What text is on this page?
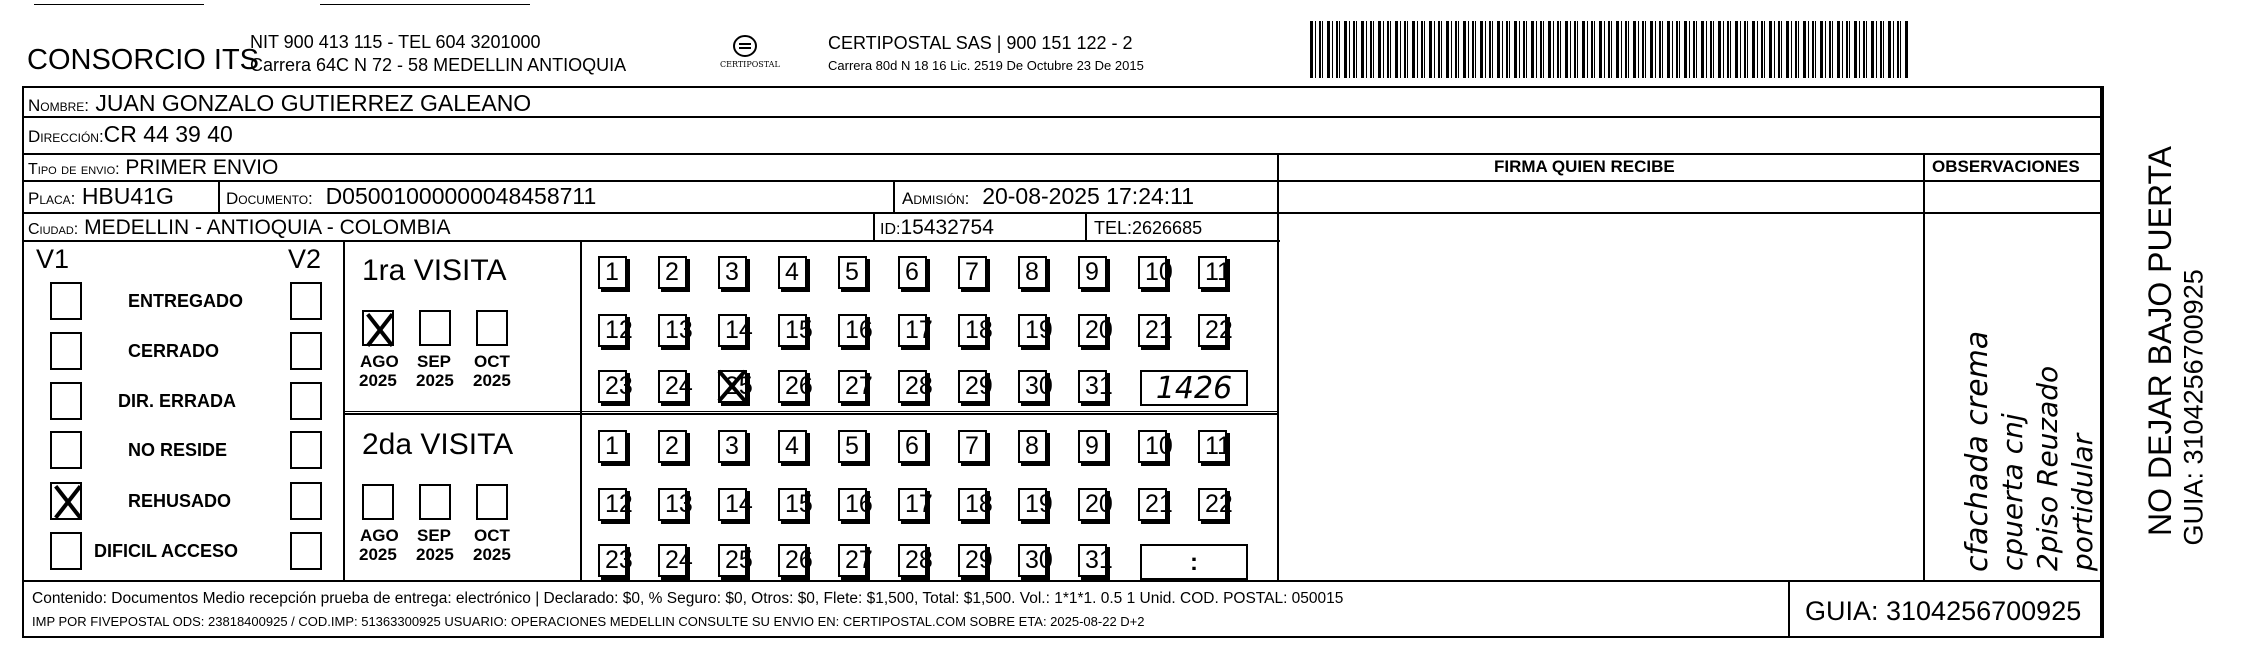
CONSORCIO ITS
NIT 900 413 115 - TEL 604 3201000
Carrera 64C N 72 - 58 MEDELLIN ANTIOQUIA	CERTIPOSTAL
CERTIPOSTAL SAS | 900 151 122 - 2
Carrera 80d N 18 16 Lic. 2519 De Octubre 23 De 2015
Nombre: JUAN GONZALO GUTIERREZ GALEANO
Dirección:CR 44 39 40
Tipo de envio: PRIMER ENVIO	FIRMA QUIEN RECIBE	OBSERVACIONES
Placa: HBU41G	Documento: D05001000000048458711	Admisión: 20-08-2025 17:24:11
Ciudad: MEDELLIN - ANTIOQUIA - COLOMBIA	ID:15432754	TEL:2626685
V1	V2
ENTREGADO
CERRADO
DIR. ERRADA
NO RESIDE
REHUSADO
DIFICIL ACCESO
1ra VISITA
AGO
2025
SEP
2025
OCT
2025
1	2	3	4	5	6	7	8	9	10 11
12 13 14 15 16 17 18 19 20 21 22
23 24 25 26 27 28 29 30 31	1426
2da VISITA
AGO
2025
SEP
2025
OCT
2025
1	2	3	4	5	6	7	8	9	10 11
12 13 14 15 16 17 18 19 20 21 22
23 24 25 26 27 28 29 30 31	:	cfachada crema cpuerta cnj 2piso Reuzado portidular NO DEJAR BAJO PUERTA GUIA: 3104256700925
Contenido: Documentos Medio recepción prueba de entrega: electrónico | Declarado: $0, % Seguro: $0, Otros: $0, Flete: $1,500, Total: $1,500. Vol.: 1*1*1. 0.5 1 Unid. COD. POSTAL: 050015
IMP POR FIVEPOSTAL ODS: 23818400925 / COD.IMP: 51363300925 USUARIO: OPERACIONES MEDELLIN CONSULTE SU ENVIO EN: CERTIPOSTAL.COM SOBRE ETA: 2025-08-22 D+2	GUIA: 3104256700925
